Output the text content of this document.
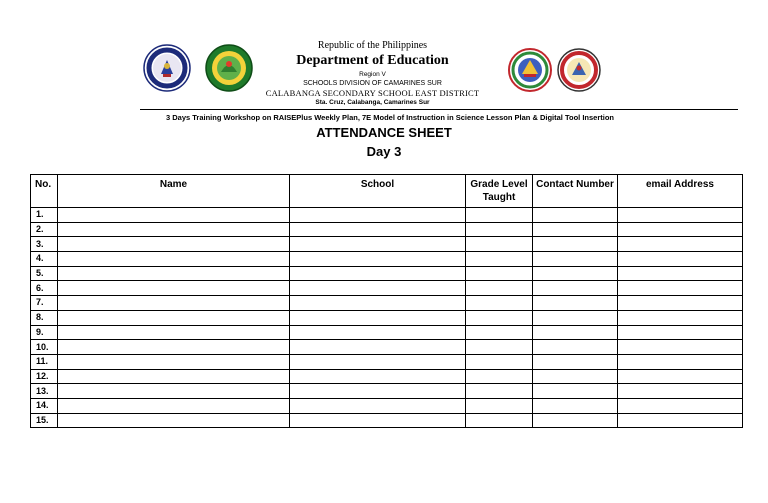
Republic of the Philippines
Department of Education
Region V
SCHOOLS DIVISION OF CAMARINES SUR
CALABANGA SECONDARY SCHOOL EAST DISTRICT
Sta. Cruz, Calabanga, Camarines Sur
3 Days Training Workshop on RAISEPlus Weekly Plan, 7E Model of Instruction in Science Lesson Plan & Digital Tool Insertion
ATTENDANCE SHEET
Day 3
No.	Name	School	Grade Level Taught	Contact Number	email Address
1.					
2.					
3.					
4.					
5.					
6.					
7.					
8.					
9.					
10.					
11.					
12.					
13.					
14.					
15.					
